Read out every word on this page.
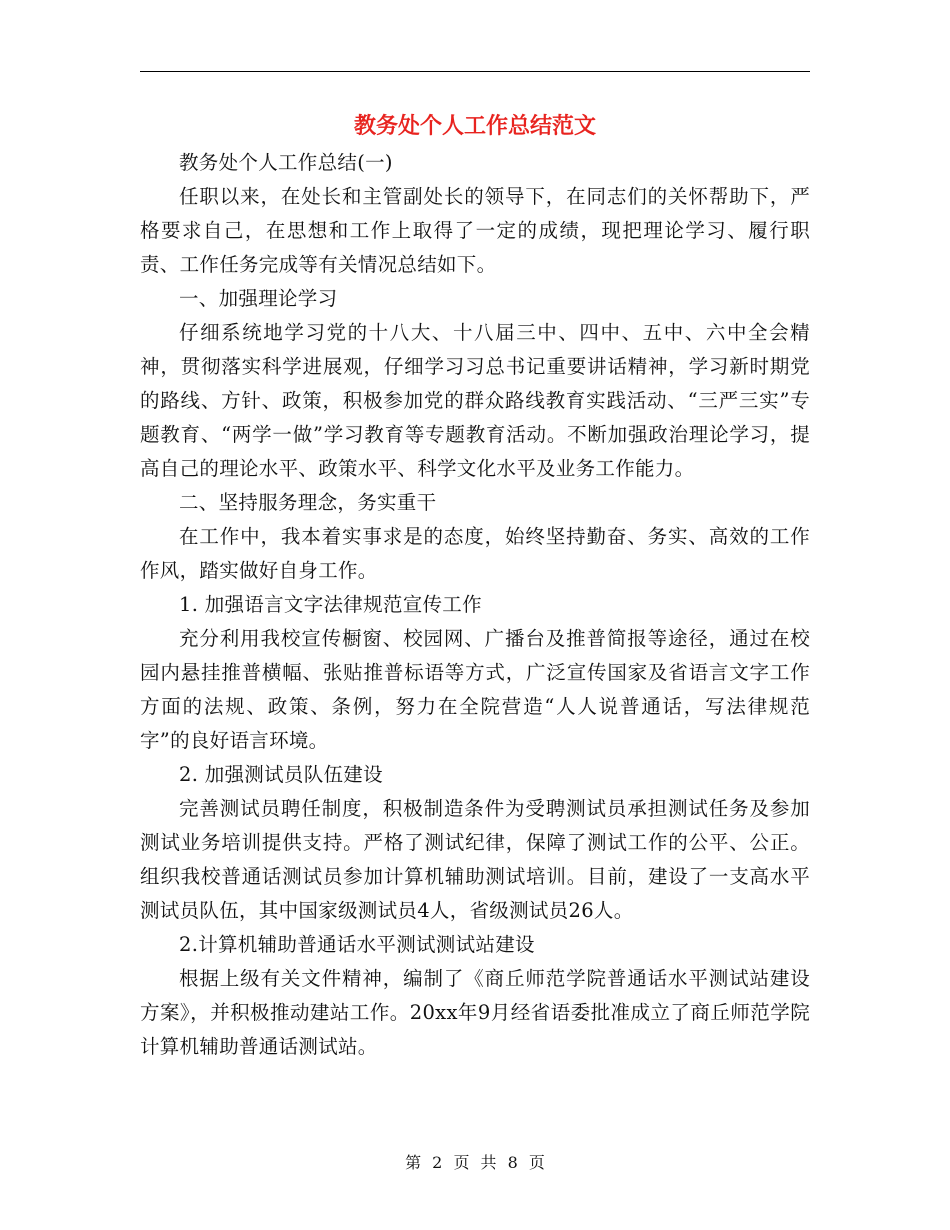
教务处个人工作总结范文

教务处个人工作总结(一)

任职以来，在处长和主管副处长的领导下，在同志们的关怀帮助下，严格要求自己，在思想和工作上取得了一定的成绩，现把理论学习、履行职责、工作任务完成等有关情况总结如下。

一、加强理论学习

仔细系统地学习党的十八大、十八届三中、四中、五中、六中全会精神，贯彻落实科学进展观，仔细学习习总书记重要讲话精神，学习新时期党的路线、方针、政策，积极参加党的群众路线教育实践活动、“三严三实”专题教育、“两学一做”学习教育等专题教育活动。不断加强政治理论学习，提高自己的理论水平、政策水平、科学文化水平及业务工作能力。

二、坚持服务理念，务实重干

在工作中，我本着实事求是的态度，始终坚持勤奋、务实、高效的工作作风，踏实做好自身工作。

1. 加强语言文字法律规范宣传工作

充分利用我校宣传橱窗、校园网、广播台及推普简报等途径，通过在校园内悬挂推普横幅、张贴推普标语等方式，广泛宣传国家及省语言文字工作方面的法规、政策、条例，努力在全院营造“人人说普通话，写法律规范字”的良好语言环境。

2. 加强测试员队伍建设

完善测试员聘任制度，积极制造条件为受聘测试员承担测试任务及参加测试业务培训提供支持。严格了测试纪律，保障了测试工作的公平、公正。组织我校普通话测试员参加计算机辅助测试培训。目前，建设了一支高水平测试员队伍，其中国家级测试员4人，省级测试员26人。

2.计算机辅助普通话水平测试测试站建设

根据上级有关文件精神，编制了《商丘师范学院普通话水平测试站建设方案》，并积极推动建站工作。20xx年9月经省语委批准成立了商丘师范学院计算机辅助普通话测试站。

第 2 页 共 8 页
